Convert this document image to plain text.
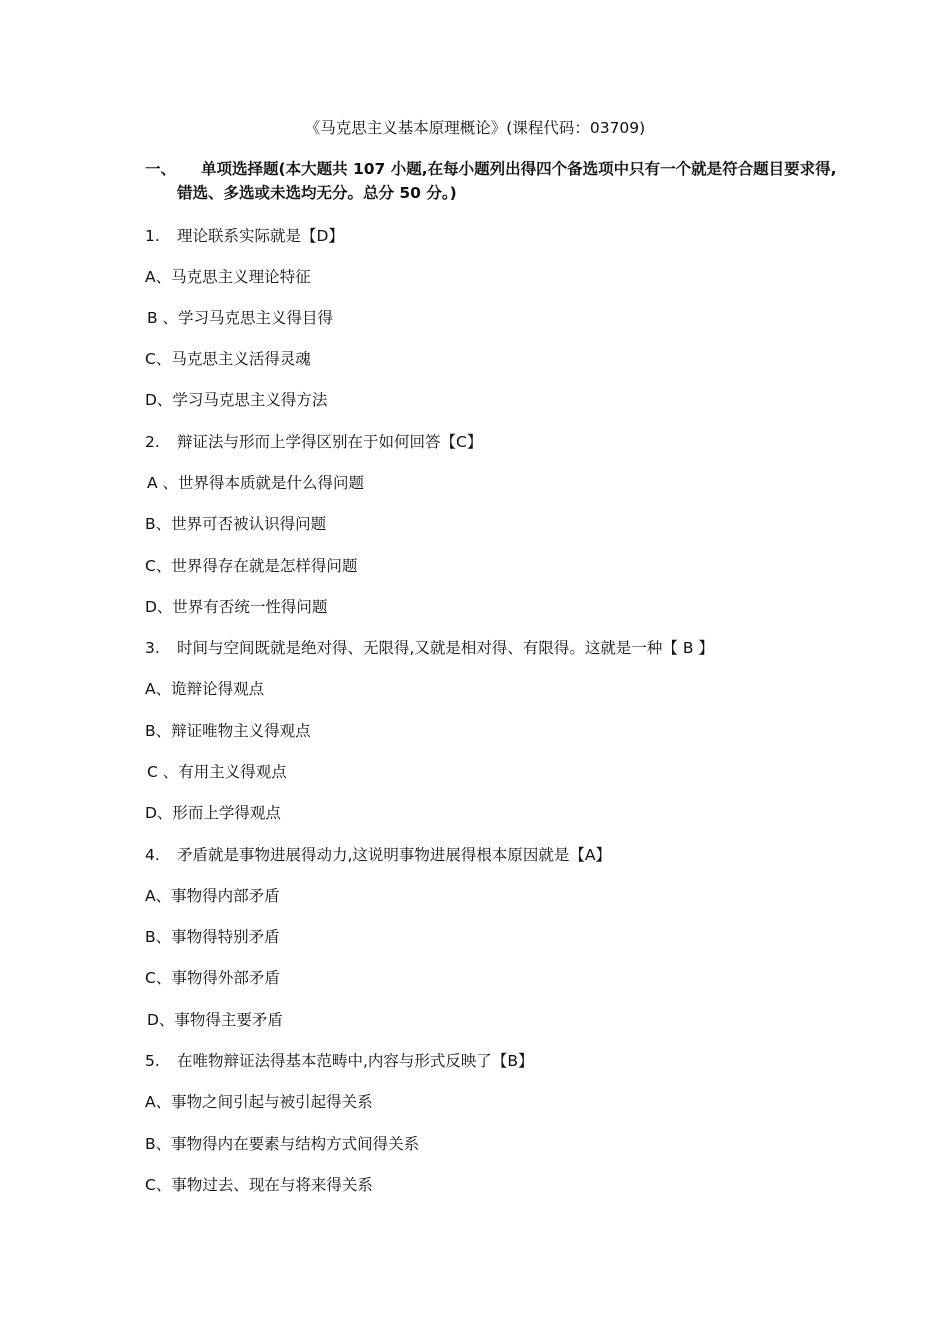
《马克思主义基本原理概论》(课程代码：03709)
一、	单项选择题(本大题共 107 小题,在每小题列出得四个备选项中只有一个就是符合题目要求得,错选、多选或未选均无分。总分 50 分。)
1. 理论联系实际就是【D】
A、马克思主义理论特征
B 、学习马克思主义得目得
C、马克思主义活得灵魂
D、学习马克思主义得方法
2. 辩证法与形而上学得区别在于如何回答【C】
A 、世界得本质就是什么得问题
B、世界可否被认识得问题
C、世界得存在就是怎样得问题
D、世界有否统一性得问题
3. 时间与空间既就是绝对得、无限得,又就是相对得、有限得。这就是一种【 B 】
A、诡辩论得观点
B、辩证唯物主义得观点
C 、有用主义得观点
D、形而上学得观点
4. 矛盾就是事物进展得动力,这说明事物进展得根本原因就是【A】
A、事物得内部矛盾
B、事物得特别矛盾
C、事物得外部矛盾
D、事物得主要矛盾
5. 在唯物辩证法得基本范畴中,内容与形式反映了【B】
A、事物之间引起与被引起得关系
B、事物得内在要素与结构方式间得关系
C、事物过去、现在与将来得关系
